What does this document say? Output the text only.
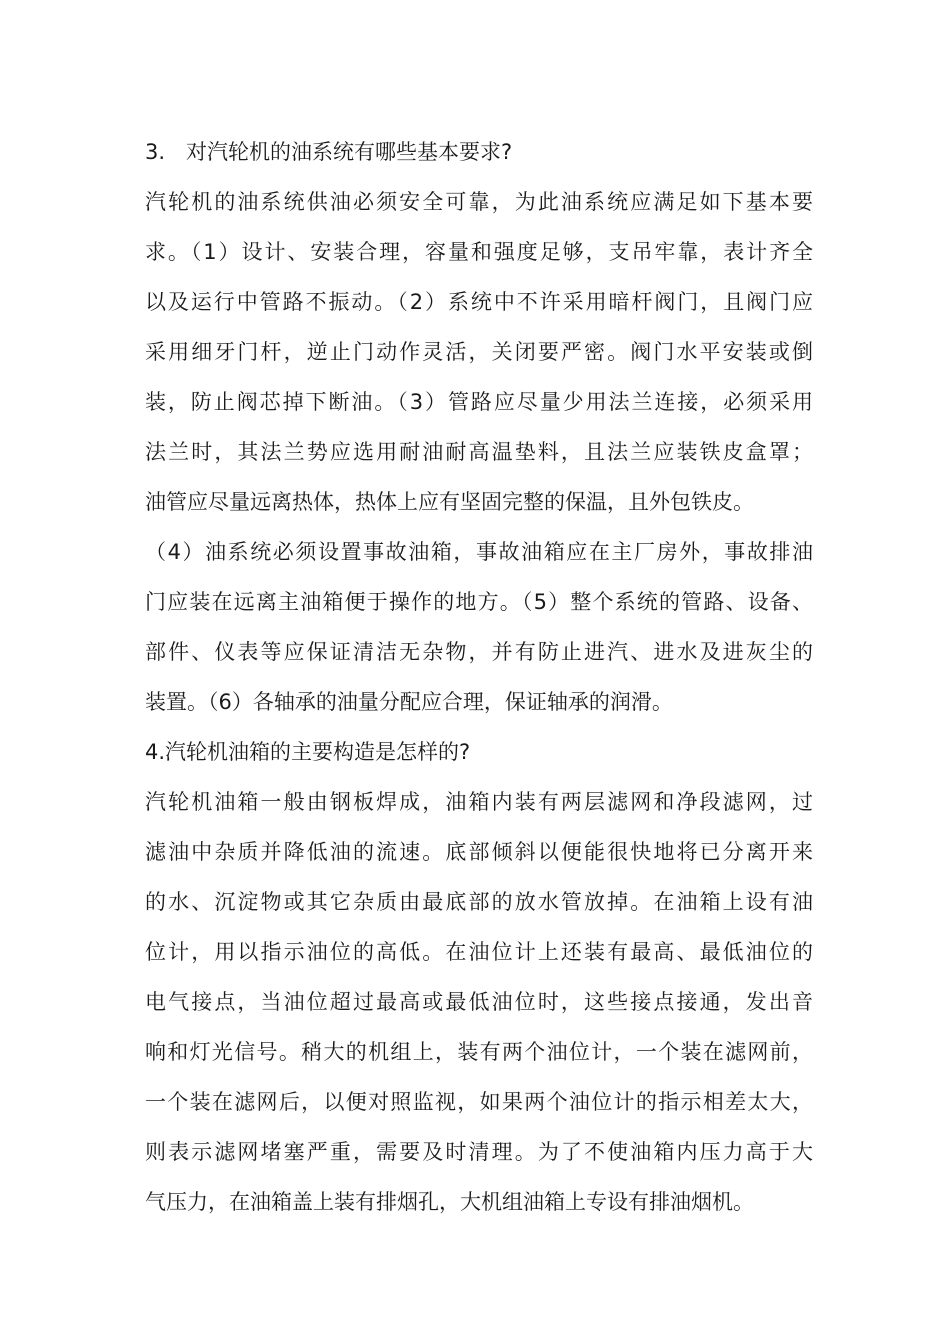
3.　对汽轮机的油系统有哪些基本要求?
汽轮机的油系统供油必须安全可靠，为此油系统应满足如下基本要
求。（1）设计、安装合理，容量和强度足够，支吊牢靠，表计齐全
以及运行中管路不振动。（2）系统中不许采用暗杆阀门，且阀门应
采用细牙门杆，逆止门动作灵活，关闭要严密。阀门水平安装或倒
装，防止阀芯掉下断油。（3）管路应尽量少用法兰连接，必须采用
法兰时，其法兰势应选用耐油耐高温垫料，且法兰应装铁皮盒罩；
油管应尽量远离热体，热体上应有坚固完整的保温，且外包铁皮。
（4）油系统必须设置事故油箱，事故油箱应在主厂房外，事故排油
门应装在远离主油箱便于操作的地方。（5）整个系统的管路、设备、
部件、仪表等应保证清洁无杂物，并有防止进汽、进水及进灰尘的
装置。（6）各轴承的油量分配应合理，保证轴承的润滑。
4.汽轮机油箱的主要构造是怎样的?
汽轮机油箱一般由钢板焊成，油箱内装有两层滤网和净段滤网，过
滤油中杂质并降低油的流速。底部倾斜以便能很快地将已分离开来
的水、沉淀物或其它杂质由最底部的放水管放掉。在油箱上设有油
位计，用以指示油位的高低。在油位计上还装有最高、最低油位的
电气接点，当油位超过最高或最低油位时，这些接点接通，发出音
响和灯光信号。稍大的机组上，装有两个油位计，一个装在滤网前，
一个装在滤网后，以便对照监视，如果两个油位计的指示相差太大，
则表示滤网堵塞严重，需要及时清理。为了不使油箱内压力高于大
气压力，在油箱盖上装有排烟孔，大机组油箱上专设有排油烟机。
